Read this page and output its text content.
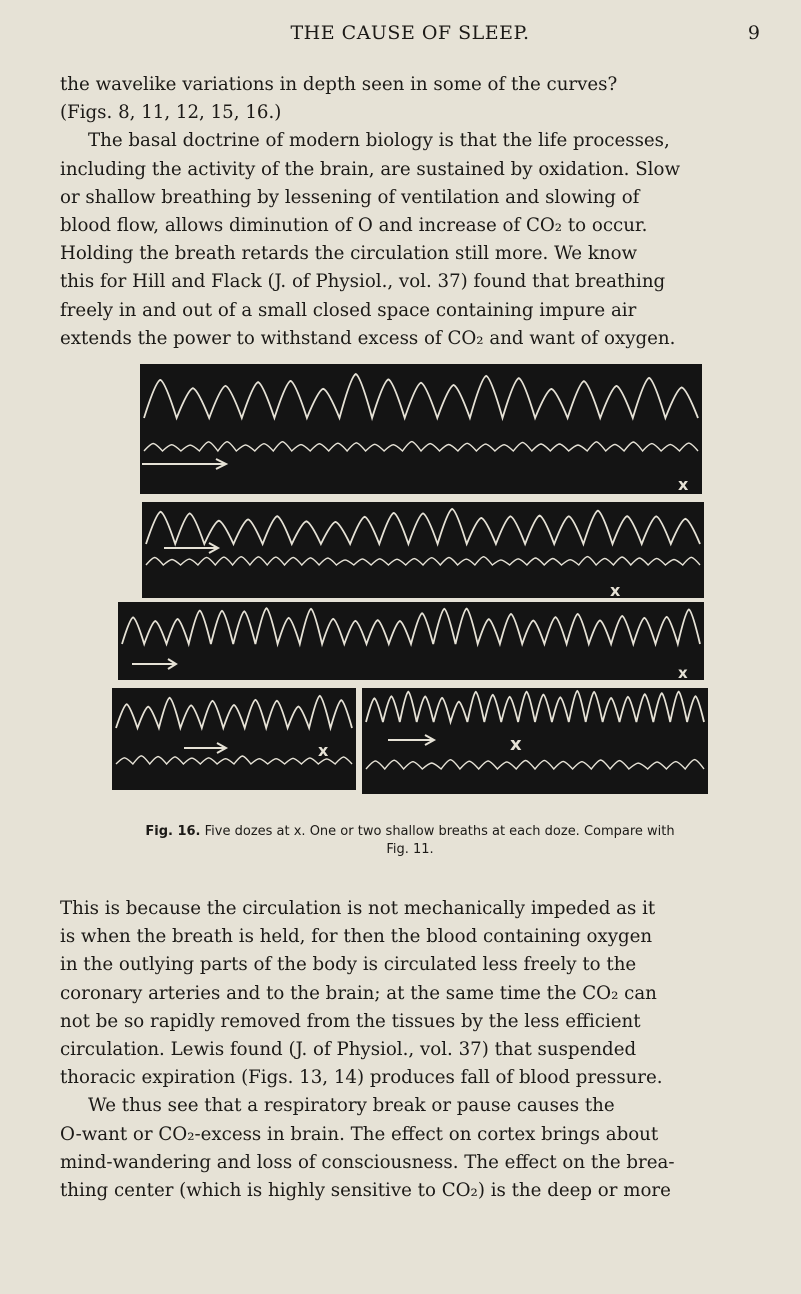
THE CAUSE OF SLEEP.	9

the wavelike variations in depth seen in some of the curves?
(Figs. 8, 11, 12, 15, 16.)
The basal doctrine of modern biology is that the life processes,
including the activity of the brain, are sustained by oxidation. Slow
or shallow breathing by lessening of ventilation and slowing of
blood flow, allows diminution of O and increase of CO₂ to occur.
Holding the breath retards the circulation still more. We know
this for Hill and Flack (J. of Physiol., vol. 37) found that breathing
freely in and out of a small closed space containing impure air
extends the power to withstand excess of CO₂ and want of oxygen.

x
x
x
x	x
Fig. 16. Five dozes at x. One or two shallow breaths at each doze. Compare with
Fig. 11.

This is because the circulation is not mechanically impeded as it
is when the breath is held, for then the blood containing oxygen
in the outlying parts of the body is circulated less freely to the
coronary arteries and to the brain; at the same time the CO₂ can
not be so rapidly removed from the tissues by the less efficient
circulation. Lewis found (J. of Physiol., vol. 37) that suspended
thoracic expiration (Figs. 13, 14) produces fall of blood pressure.
We thus see that a respiratory break or pause causes the
O-want or CO₂-excess in brain. The effect on cortex brings about
mind-wandering and loss of consciousness. The effect on the brea-
thing center (which is highly sensitive to CO₂) is the deep or more
